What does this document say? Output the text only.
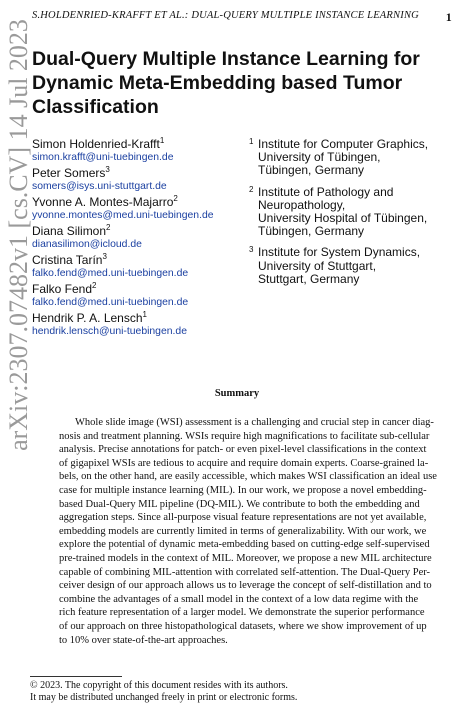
S.HOLDENRIED-KRAFFT ET AL.: DUAL-QUERY MULTIPLE INSTANCE LEARNING 1
arXiv:2307.07482v1 [cs.CV] 14 Jul 2023 Dual-Query Multiple Instance Learning for
Dynamic Meta-Embedding based Tumor
Classification
Simon Holdenried-Krafft$^1$
simon.krafft@uni-tuebingen.de
Peter Somers$^3$
somers@isys.uni-stuttgart.de
Yvonne A. Montes-Majarro$^2$
yvonne.montes@med.uni-tuebingen.de
Diana Silimon$^2$
dianasilimon@icloud.de
Cristina Tarín$^3$
falko.fend@med.uni-tuebingen.de
Falko Fend$^2$
falko.fend@med.uni-tuebingen.de
Hendrik P. A. Lensch$^1$
hendrik.lensch@uni-tuebingen.de
1 Institute for Computer Graphics,
University of Tübingen,
Tübingen, Germany
2 Institute of Pathology and
Neuropathology,
University Hospital of Tübingen,
Tübingen, Germany
3 Institute for System Dynamics,
University of Stuttgart,
Stuttgart, Germany
Summary
Whole slide image (WSI) assessment is a challenging and crucial step in cancer diag-
nosis and treatment planning. WSIs require high magnifications to facilitate sub-cellular
analysis. Precise annotations for patch- or even pixel-level classifications in the context
of gigapixel WSIs are tedious to acquire and require domain experts. Coarse-grained la-
bels, on the other hand, are easily accessible, which makes WSI classification an ideal use
case for multiple instance learning (MIL). In our work, we propose a novel embedding-
based Dual-Query MIL pipeline (DQ-MIL). We contribute to both the embedding and
aggregation steps. Since all-purpose visual feature representations are not yet available,
embedding models are currently limited in terms of generalizability. With our work, we
explore the potential of dynamic meta-embedding based on cutting-edge self-supervised
pre-trained models in the context of MIL. Moreover, we propose a new MIL architecture
capable of combining MIL-attention with correlated self-attention. The Dual-Query Per-
ceiver design of our approach allows us to leverage the concept of self-distillation and to
combine the advantages of a small model in the context of a low data regime with the
rich feature representation of a larger model. We demonstrate the superior performance
of our approach on three histopathological datasets, where we show improvement of up
to 10% over state-of-the-art approaches.
© 2023. The copyright of this document resides with its authors.
It may be distributed unchanged freely in print or electronic forms.
